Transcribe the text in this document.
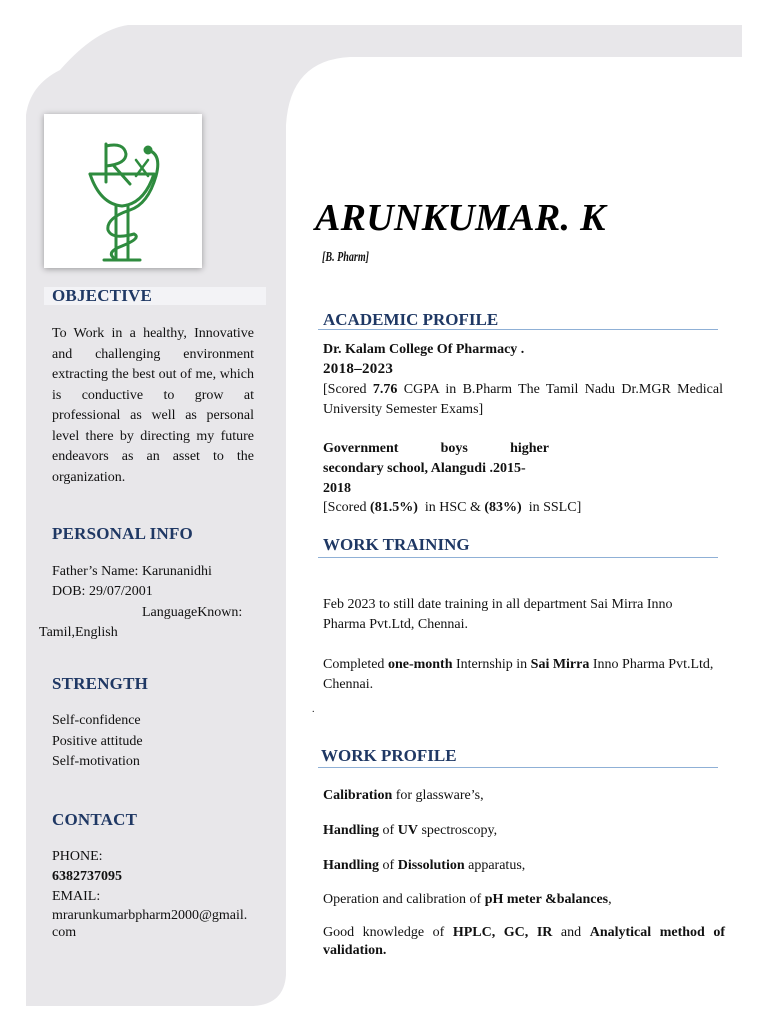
OBJECTIVE
To Work in a healthy, Innovative and challenging environment extracting the best out of me, which is conductive to grow at professional as well as personal level there by directing my future endeavors as an asset to the organization.
PERSONAL INFO
Father’s Name: Karunanidhi
DOB: 29/07/2001
LanguageKnown:
Tamil,English
STRENGTH
Self-confidence
Positive attitude
Self-motivation
CONTACT
PHONE:
6382737095
EMAIL:
mrarunkumarbpharm2000@gmail.
com
ARUNKUMAR. K
[B. Pharm]
ACADEMIC PROFILE
Dr. Kalam College Of Pharmacy .
2018–2023
[Scored 7.76 CGPA in B.Pharm The Tamil Nadu Dr.MGR Medical University Semester Exams]
Government boys higher
secondary school, Alangudi .2015-
2018
[Scored (81.5%)  in HSC & (83%)  in SSLC]
WORK TRAINING
Feb 2023 to still date training in all department Sai Mirra Inno Pharma Pvt.Ltd, Chennai.
Completed one-month Internship in Sai Mirra Inno Pharma Pvt.Ltd, Chennai.
.
WORK PROFILE
Calibration for glassware’s,
Handling of UV spectroscopy,
Handling of Dissolution apparatus,
Operation and calibration of pH meter &balances,
Good knowledge of HPLC, GC, IR and Analytical method of validation.
